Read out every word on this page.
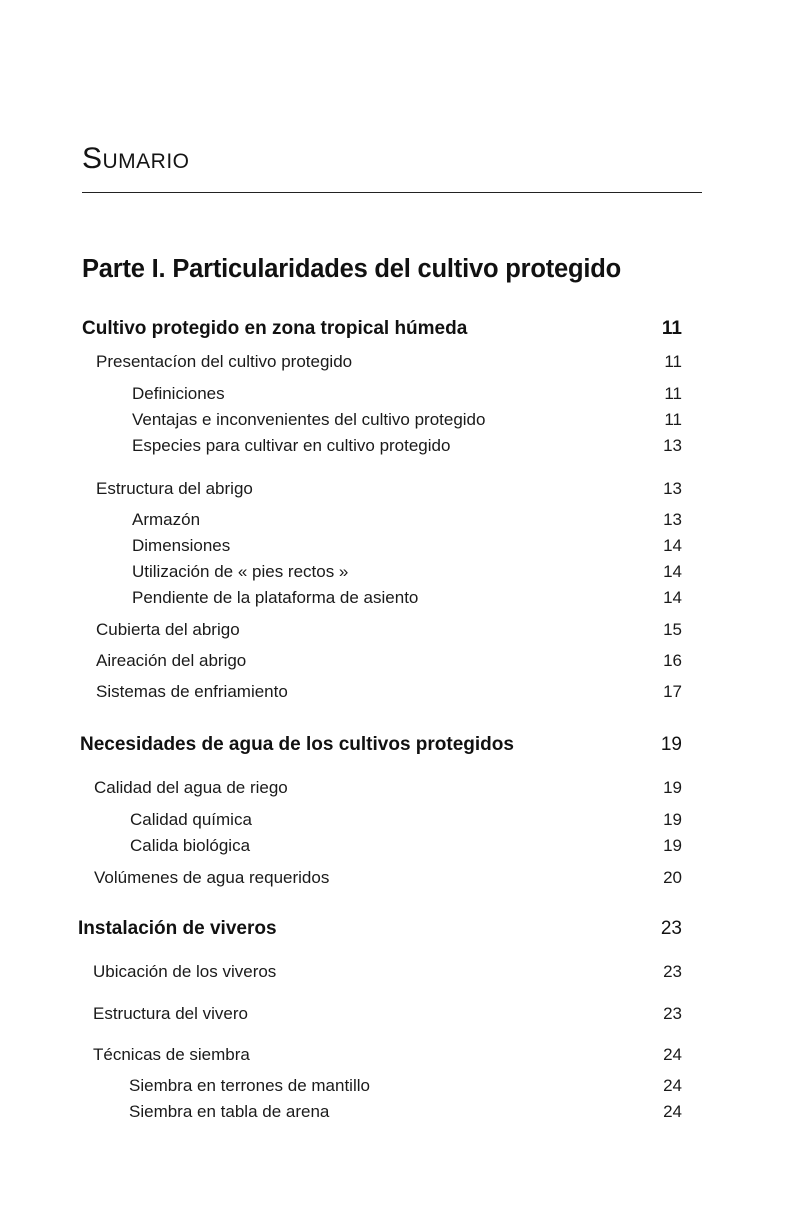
Sumario
Parte I. Particularidades del cultivo protegido
Cultivo protegido en zona tropical húmeda	11
Presentacíon del cultivo protegido	11
Definiciones	11
Ventajas e inconvenientes del cultivo protegido	11
Especies para cultivar en cultivo protegido	13
Estructura del abrigo	13
Armazón	13
Dimensiones	14
Utilización de « pies rectos »	14
Pendiente de la plataforma de asiento	14
Cubierta del abrigo	15
Aireación del abrigo	16
Sistemas de enfriamiento	17
Necesidades de agua de los cultivos protegidos	19
Calidad del agua de riego	19
Calidad química	19
Calida biológica	19
Volúmenes de agua requeridos	20
Instalación de viveros	23
Ubicación de los viveros	23
Estructura del vivero	23
Técnicas de siembra	24
Siembra en terrones de mantillo	24
Siembra en tabla de arena	24
